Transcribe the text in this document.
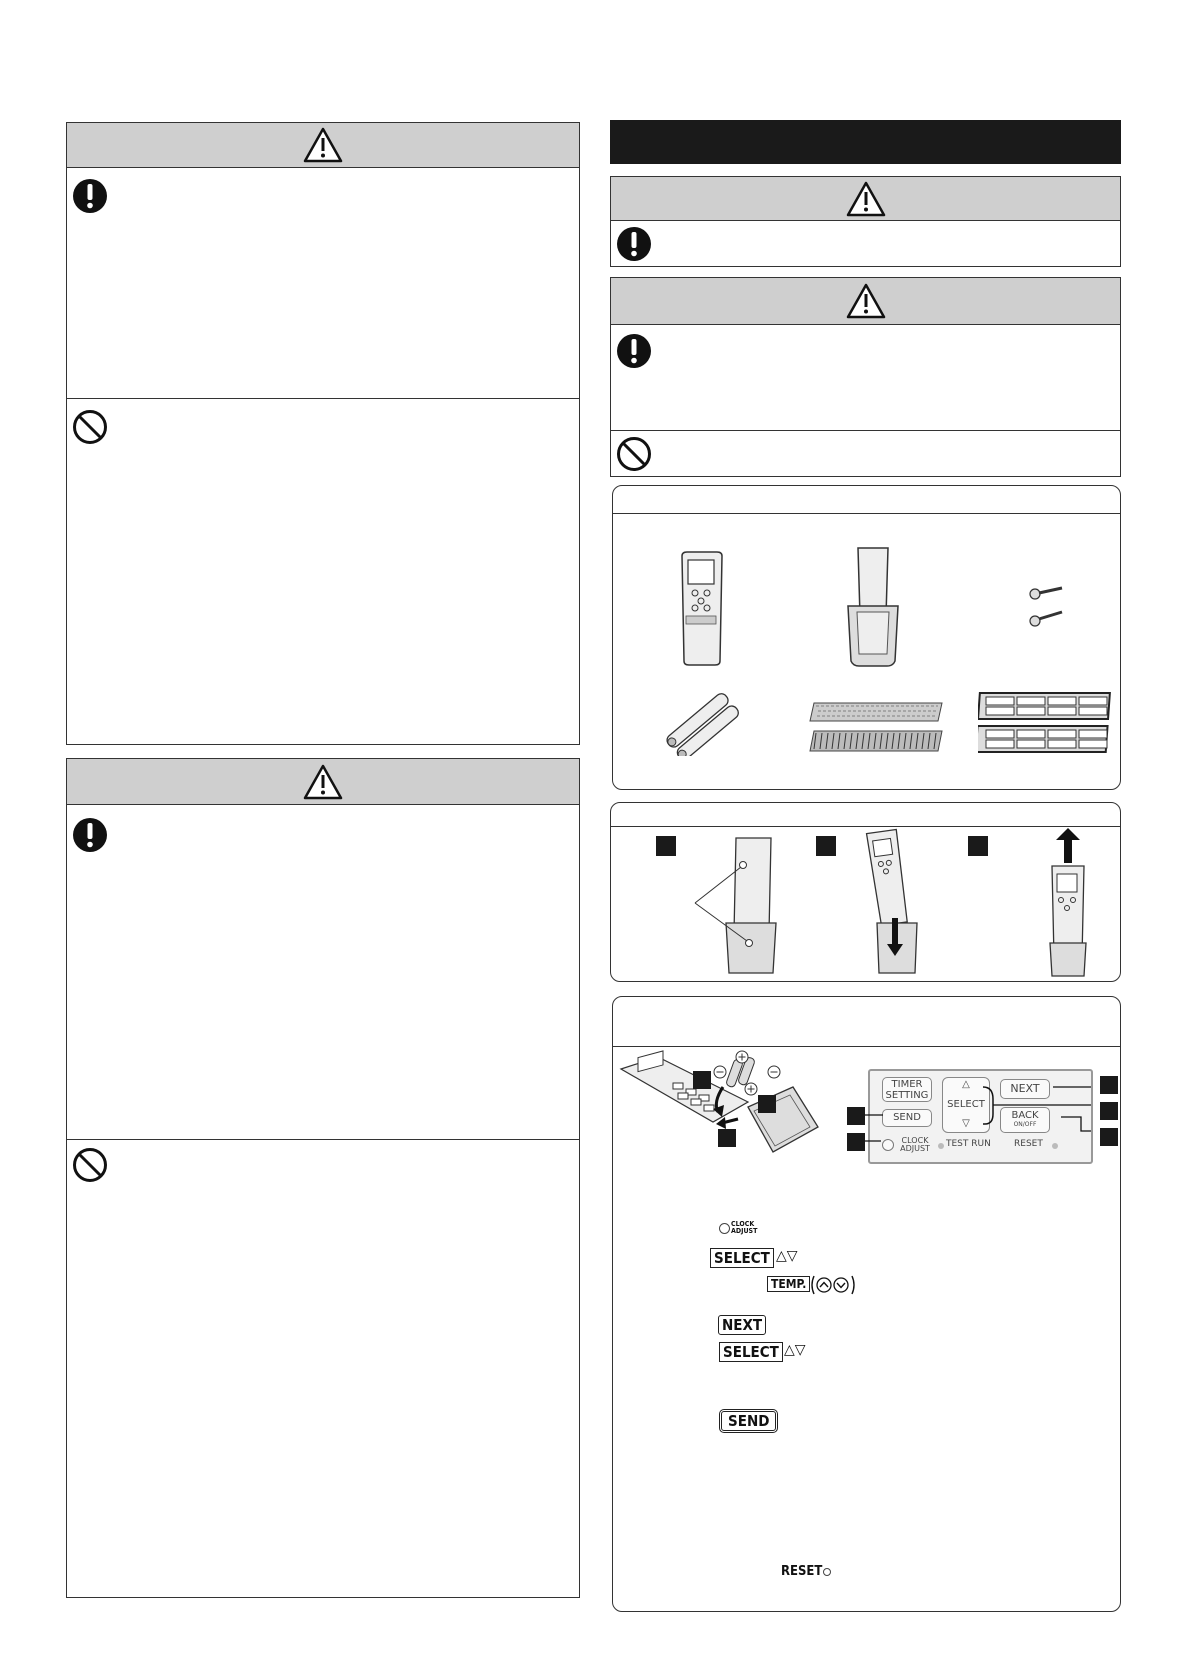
TIMER
SETTING
SEND
△
SELECT
▽
NEXT
BACK
ON/OFF
CLOCK
ADJUST	TEST RUN	RESET
CLOCK
ADJUST
SELECT △▽
TEMP.
NEXT
SELECT △▽
SEND
RESET
